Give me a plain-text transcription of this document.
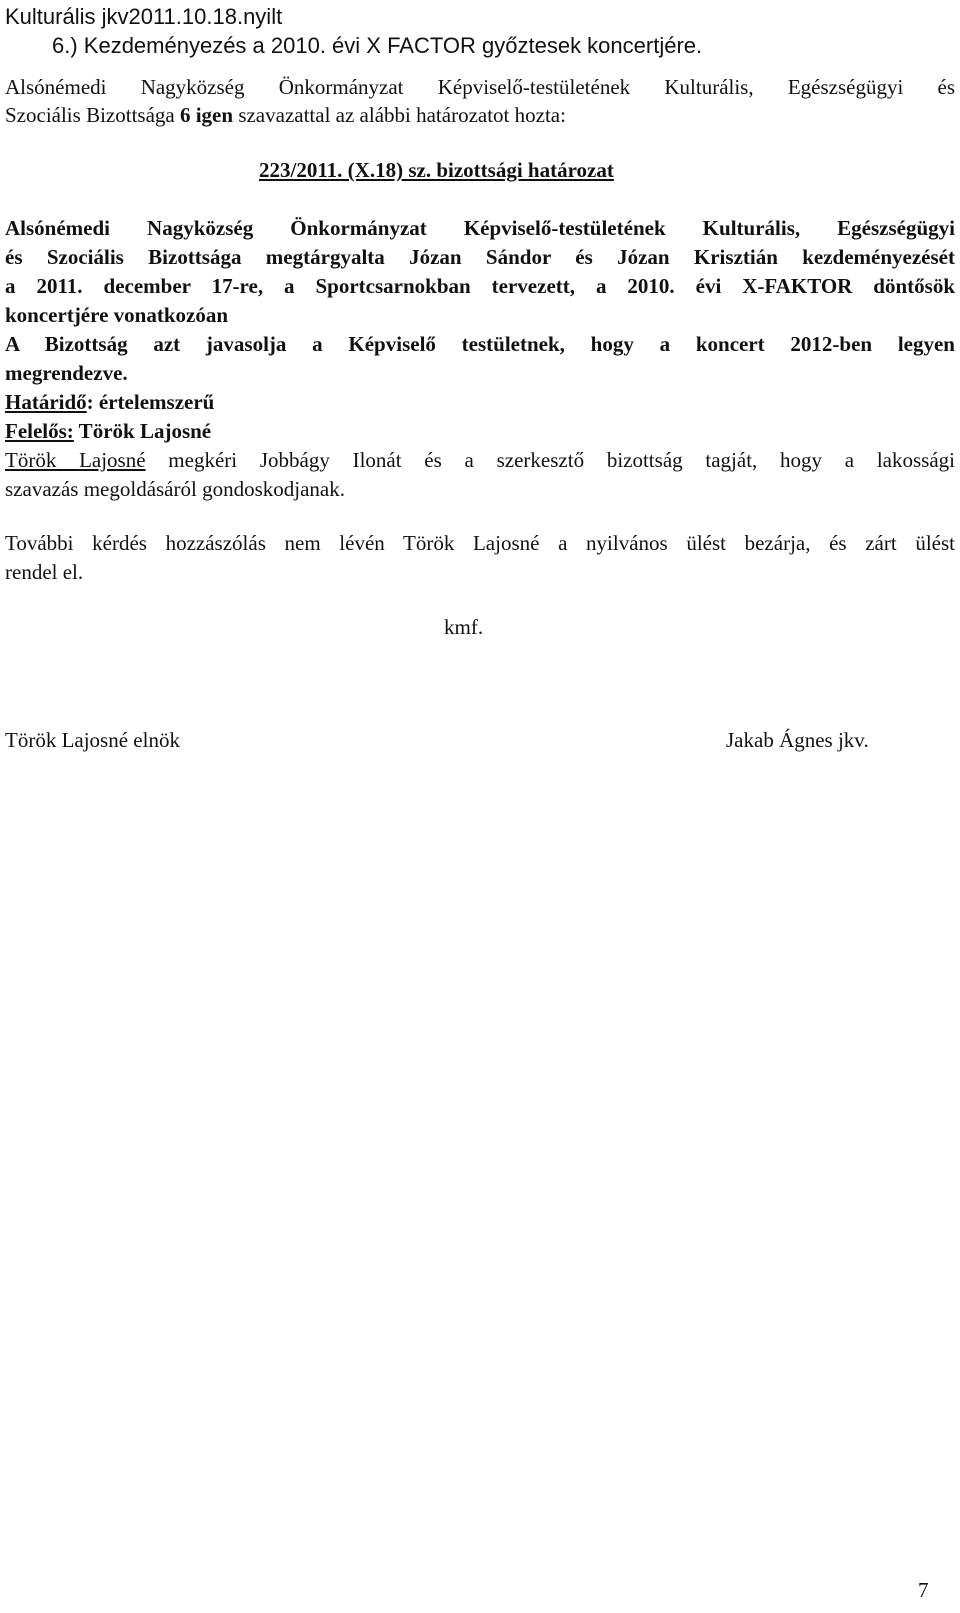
Kulturális jkv2011.10.18.nyilt
6.) Kezdeményezés a 2010. évi X FACTOR győztesek koncertjére.
Alsónémedi Nagyközség Önkormányzat Képviselő-testületének Kulturális, Egészségügyi és
Szociális Bizottsága 6 igen szavazattal az alábbi határozatot hozta:
223/2011. (X.18) sz. bizottsági határozat
Alsónémedi Nagyközség Önkormányzat Képviselő-testületének Kulturális, Egészségügyi
és Szociális Bizottsága megtárgyalta Józan Sándor és Józan Krisztián kezdeményezését
a 2011. december 17-re, a Sportcsarnokban tervezett, a 2010. évi X-FAKTOR döntősök
koncertjére vonatkozóan
A Bizottság azt javasolja a Képviselő testületnek, hogy a koncert 2012-ben legyen
megrendezve.
Határidő: értelemszerű
Felelős: Török Lajosné
Török Lajosné megkéri Jobbágy Ilonát és a szerkesztő bizottság tagját, hogy a lakossági
szavazás megoldásáról gondoskodjanak.
További kérdés hozzászólás nem lévén Török Lajosné a nyilvános ülést bezárja, és zárt ülést
rendel el.
kmf.
Török Lajosné elnök	Jakab Ágnes jkv.
7
